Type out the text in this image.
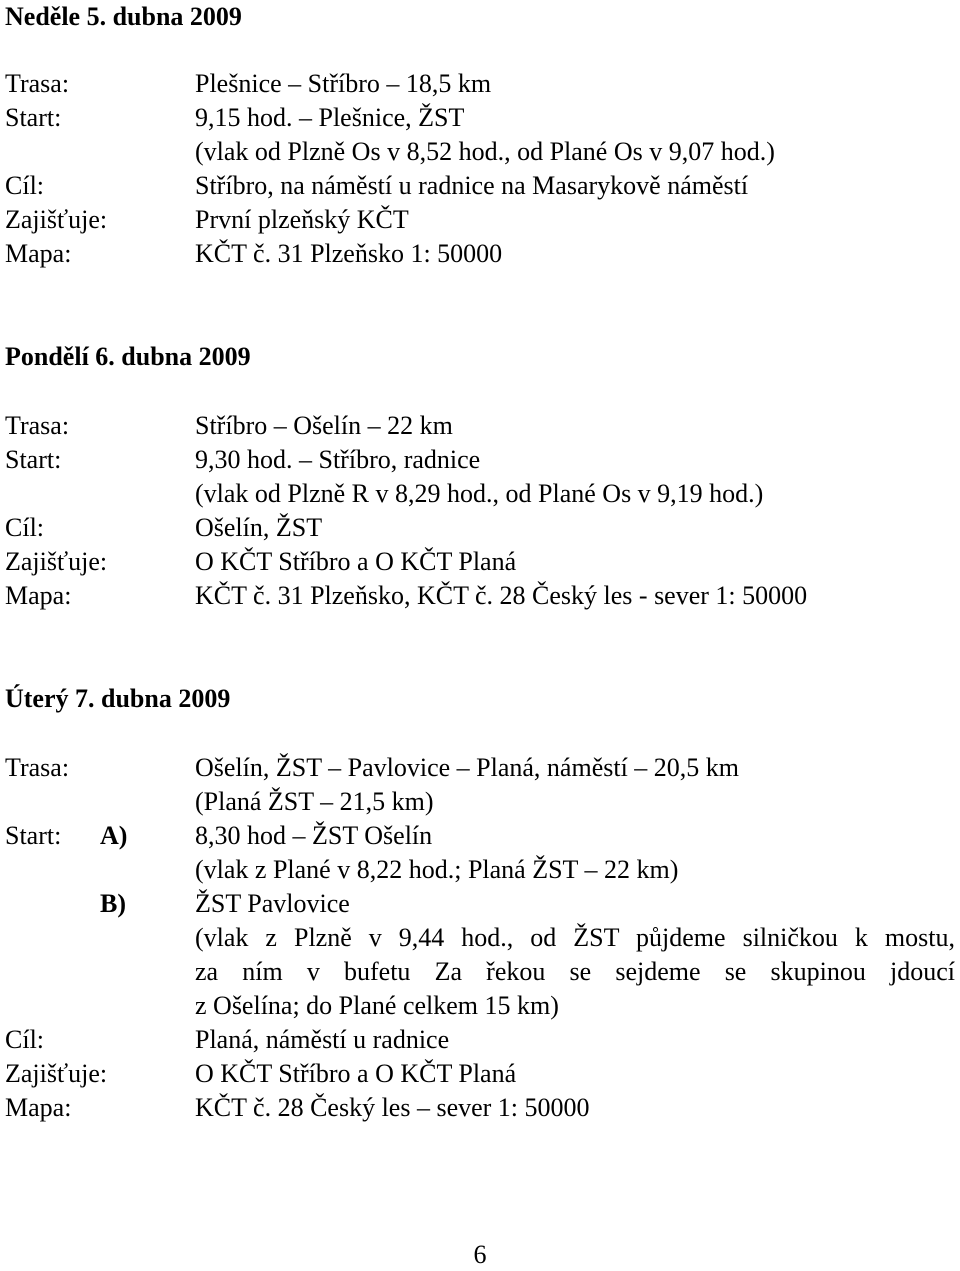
Neděle 5. dubna 2009
Trasa:	Plešnice – Stříbro – 18,5 km
Start:	9,15 hod. – Plešnice, ŽST
(vlak od Plzně Os v 8,52 hod., od Plané Os v 9,07 hod.)
Cíl:	Stříbro, na náměstí u radnice na Masarykově náměstí
Zajišťuje:	První plzeňský KČT
Mapa:	KČT č. 31 Plzeňsko 1: 50000
Pondělí 6. dubna 2009
Trasa:	Stříbro – Ošelín – 22 km
Start:	9,30 hod. – Stříbro, radnice
(vlak od Plzně R v 8,29 hod., od Plané Os v 9,19 hod.)
Cíl:	Ošelín, ŽST
Zajišťuje:	O KČT Stříbro a O KČT Planá
Mapa:	KČT č. 31 Plzeňsko, KČT č. 28 Český les - sever 1: 50000
Úterý 7. dubna 2009
Trasa:	Ošelín, ŽST – Pavlovice – Planá, náměstí – 20,5 km
(Planá ŽST – 21,5 km)
Start: A)	8,30 hod – ŽST Ošelín
(vlak z Plané v 8,22 hod.; Planá ŽST – 22 km)
B)	ŽST Pavlovice
(vlak z Plzně v 9,44 hod., od ŽST půjdeme silničkou k mostu,
za ním v bufetu Za řekou se sejdeme se skupinou jdoucí
z Ošelína; do Plané celkem 15 km)
Cíl:	Planá, náměstí u radnice
Zajišťuje:	O KČT Stříbro a O KČT Planá
Mapa:	KČT č. 28 Český les – sever 1: 50000
6
